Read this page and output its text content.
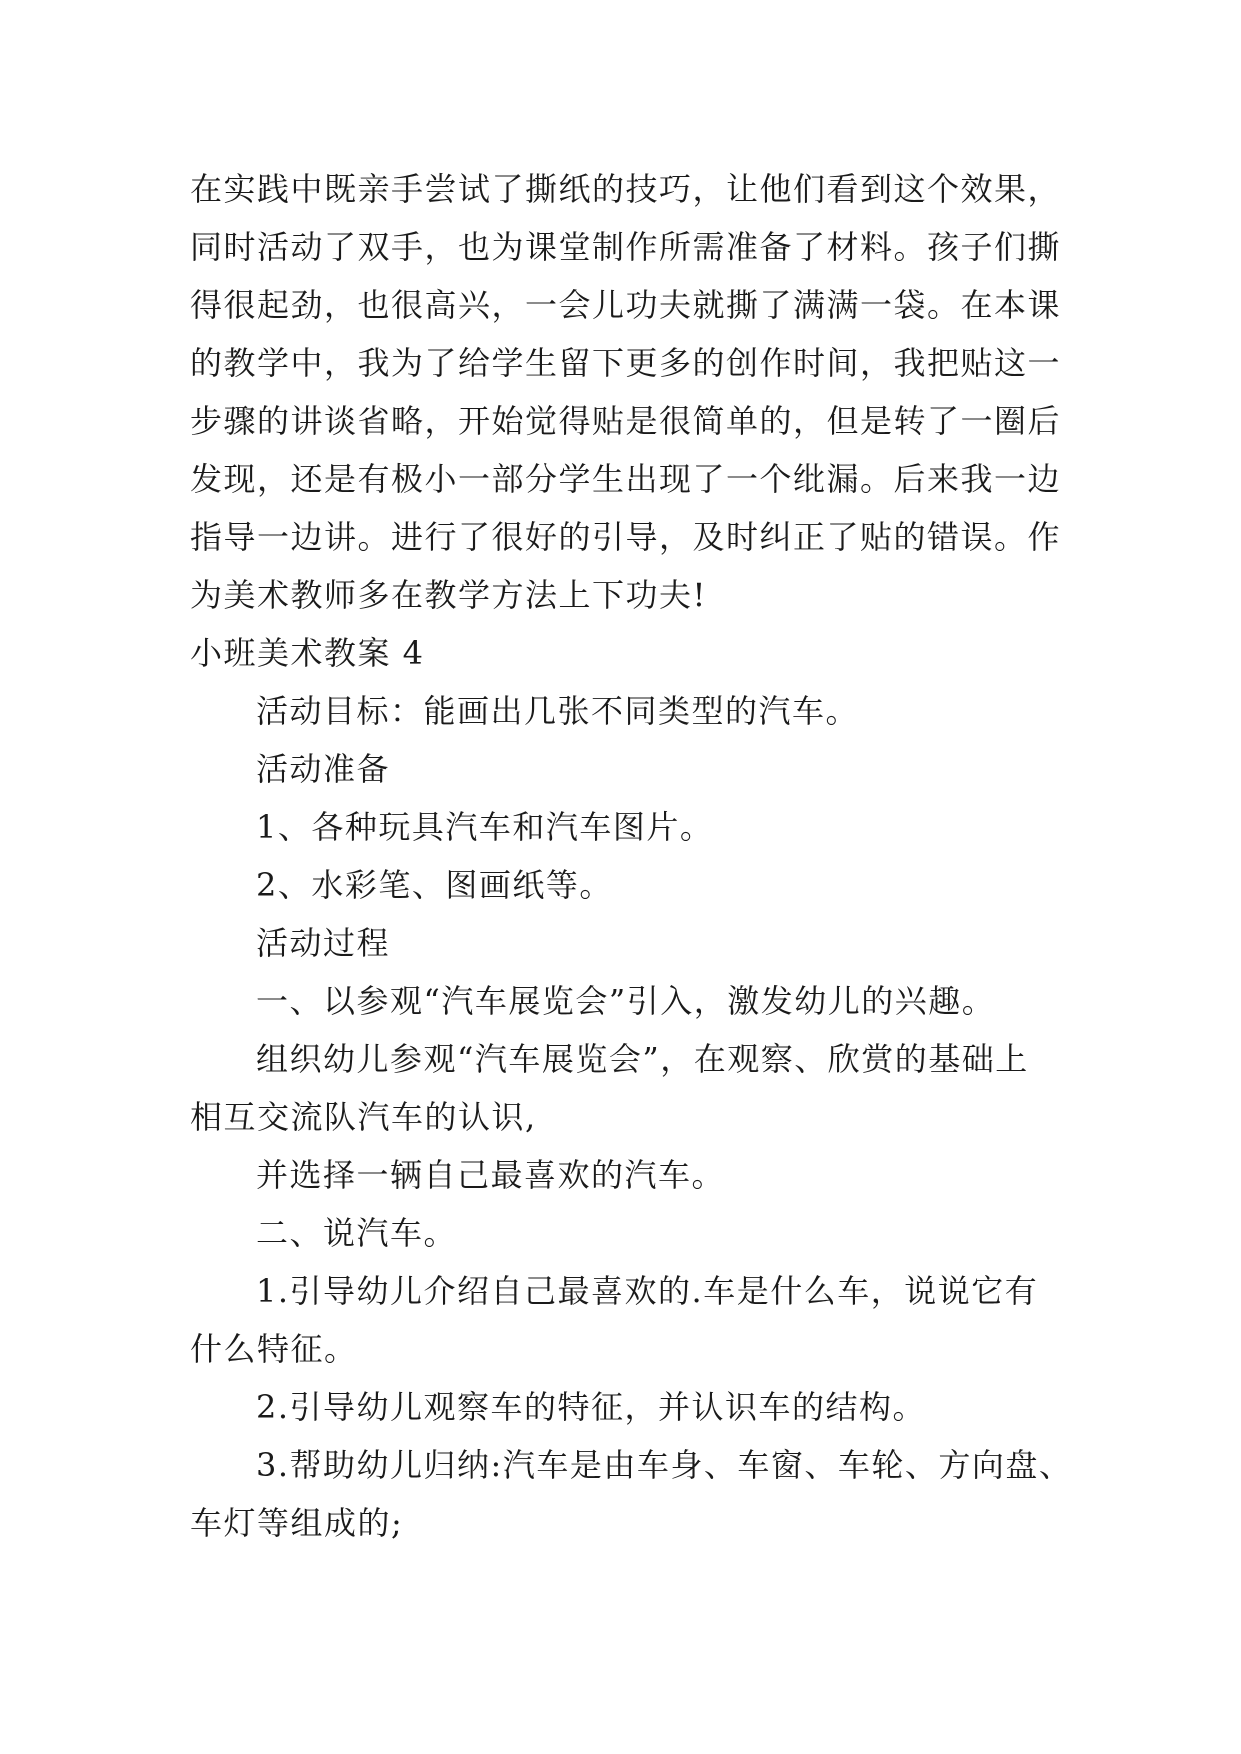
在实践中既亲手尝试了撕纸的技巧，让他们看到这个效果，
同时活动了双手，也为课堂制作所需准备了材料。孩子们撕
得很起劲，也很高兴，一会儿功夫就撕了满满一袋。在本课
的教学中，我为了给学生留下更多的创作时间，我把贴这一
步骤的讲谈省略，开始觉得贴是很简单的，但是转了一圈后
发现，还是有极小一部分学生出现了一个纰漏。后来我一边
指导一边讲。进行了很好的引导，及时纠正了贴的错误。作
为美术教师多在教学方法上下功夫!
小班美术教案 4
活动目标：能画出几张不同类型的汽车。
活动准备
1、各种玩具汽车和汽车图片。
2、水彩笔、图画纸等。
活动过程
一、以参观“汽车展览会”引入，激发幼儿的兴趣。
组织幼儿参观“汽车展览会”，在观察、欣赏的基础上
相互交流队汽车的认识,
并选择一辆自己最喜欢的汽车。
二、说汽车。
1.引导幼儿介绍自己最喜欢的.车是什么车，说说它有
什么特征。
2.引导幼儿观察车的特征，并认识车的结构。
3.帮助幼儿归纳:汽车是由车身、车窗、车轮、方向盘、
车灯等组成的;
